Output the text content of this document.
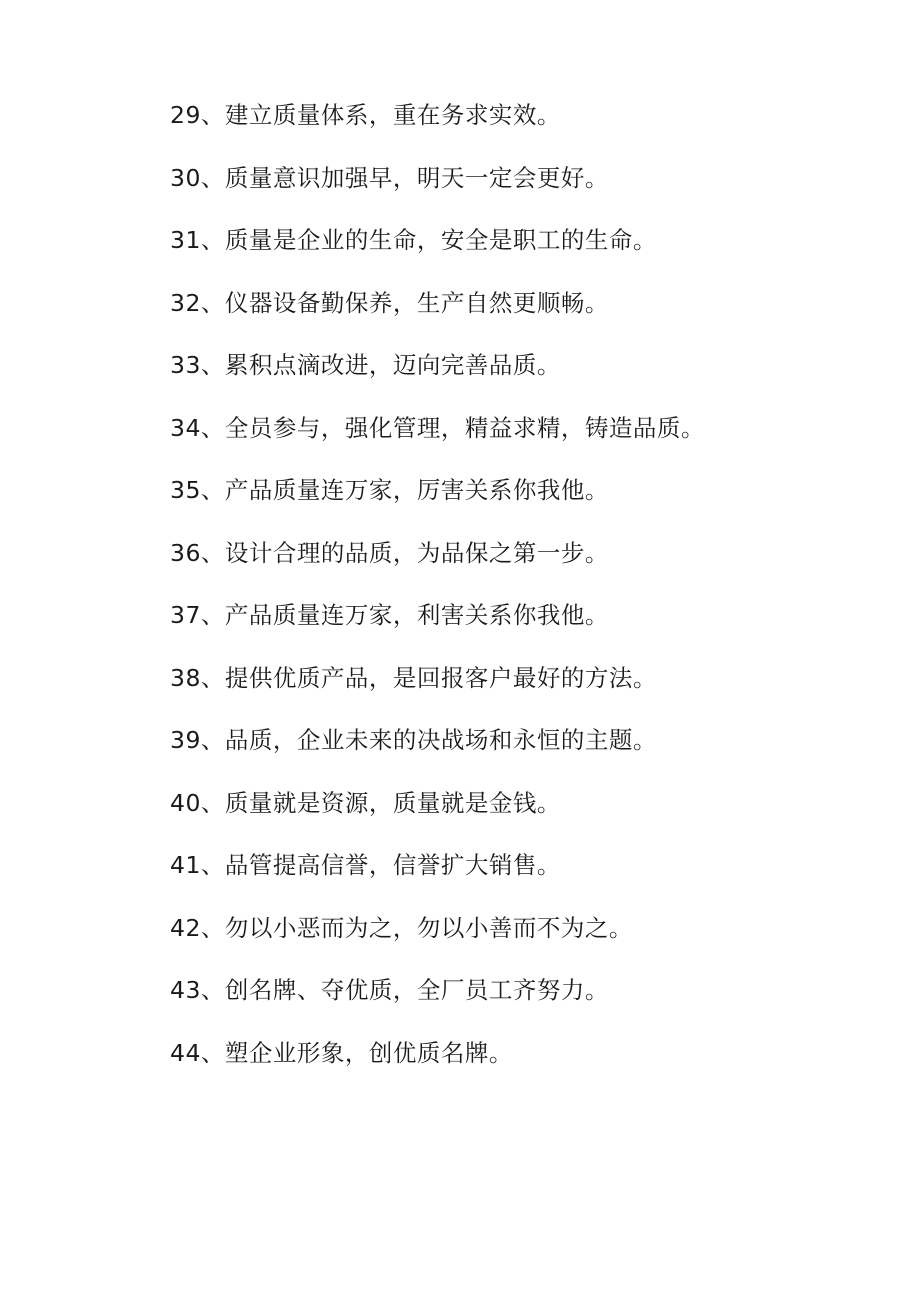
29、建立质量体系，重在务求实效。

30、质量意识加强早，明天一定会更好。

31、质量是企业的生命，安全是职工的生命。

32、仪器设备勤保养，生产自然更顺畅。

33、累积点滴改进，迈向完善品质。

34、全员参与，强化管理，精益求精，铸造品质。

35、产品质量连万家，厉害关系你我他。

36、设计合理的品质，为品保之第一步。

37、产品质量连万家，利害关系你我他。

38、提供优质产品，是回报客户最好的方法。

39、品质，企业未来的决战场和永恒的主题。

40、质量就是资源，质量就是金钱。

41、品管提高信誉，信誉扩大销售。

42、勿以小恶而为之，勿以小善而不为之。

43、创名牌、夺优质，全厂员工齐努力。

44、塑企业形象，创优质名牌。
